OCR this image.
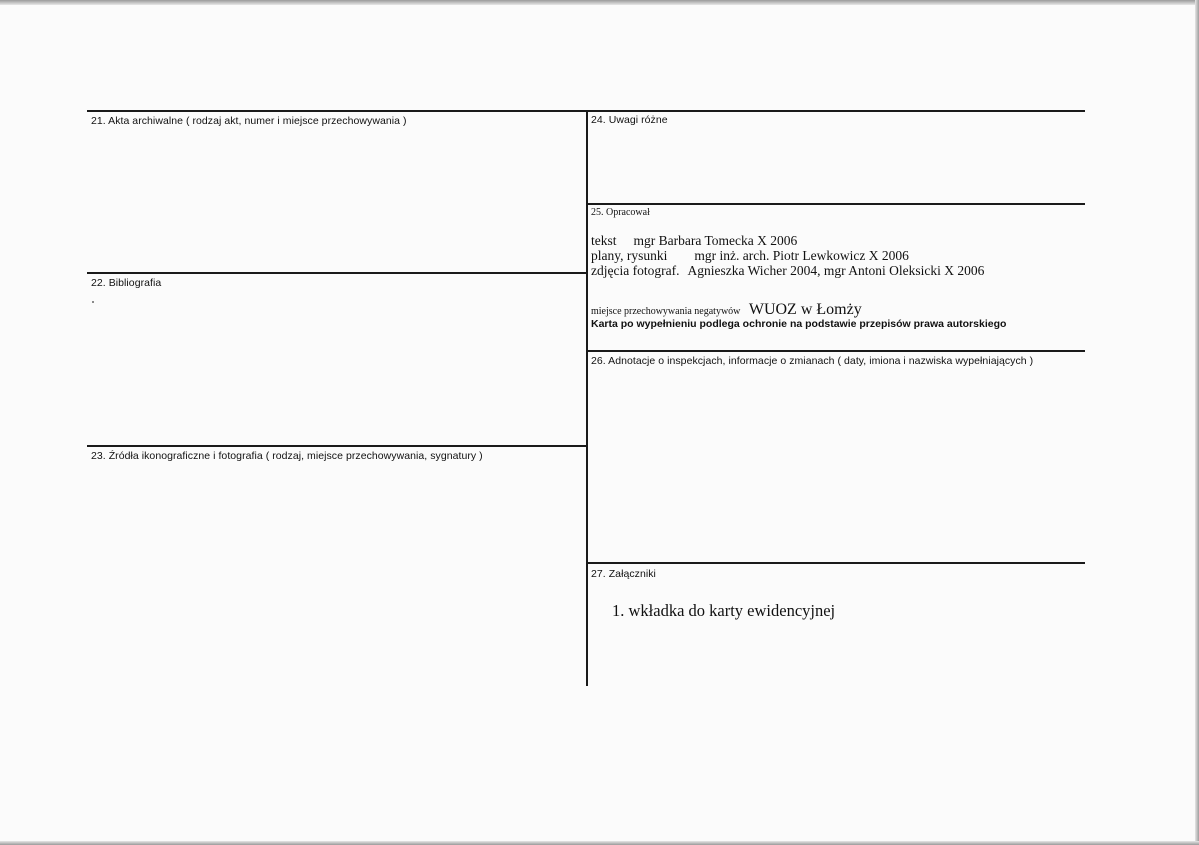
21. Akta archiwalne ( rodzaj akt, numer i miejsce przechowywania )
22. Bibliografia
23. Źródła ikonograficzne i fotografia ( rodzaj, miejsce przechowywania, sygnatury )
24. Uwagi różne
25. Opracował
tekst mgr Barbara Tomecka X 2006
plany, rysunki mgr inż. arch. Piotr Lewkowicz X 2006
zdjęcia fotograf. Agnieszka Wicher 2004, mgr Antoni Oleksicki X 2006
miejsce przechowywania negatywów WUOZ w Łomży
Karta po wypełnieniu podlega ochronie na podstawie przepisów prawa autorskiego
26. Adnotacje o inspekcjach, informacje o zmianach ( daty, imiona i nazwiska wypełniających )
27. Załączniki
1. wkładka do karty ewidencyjnej
